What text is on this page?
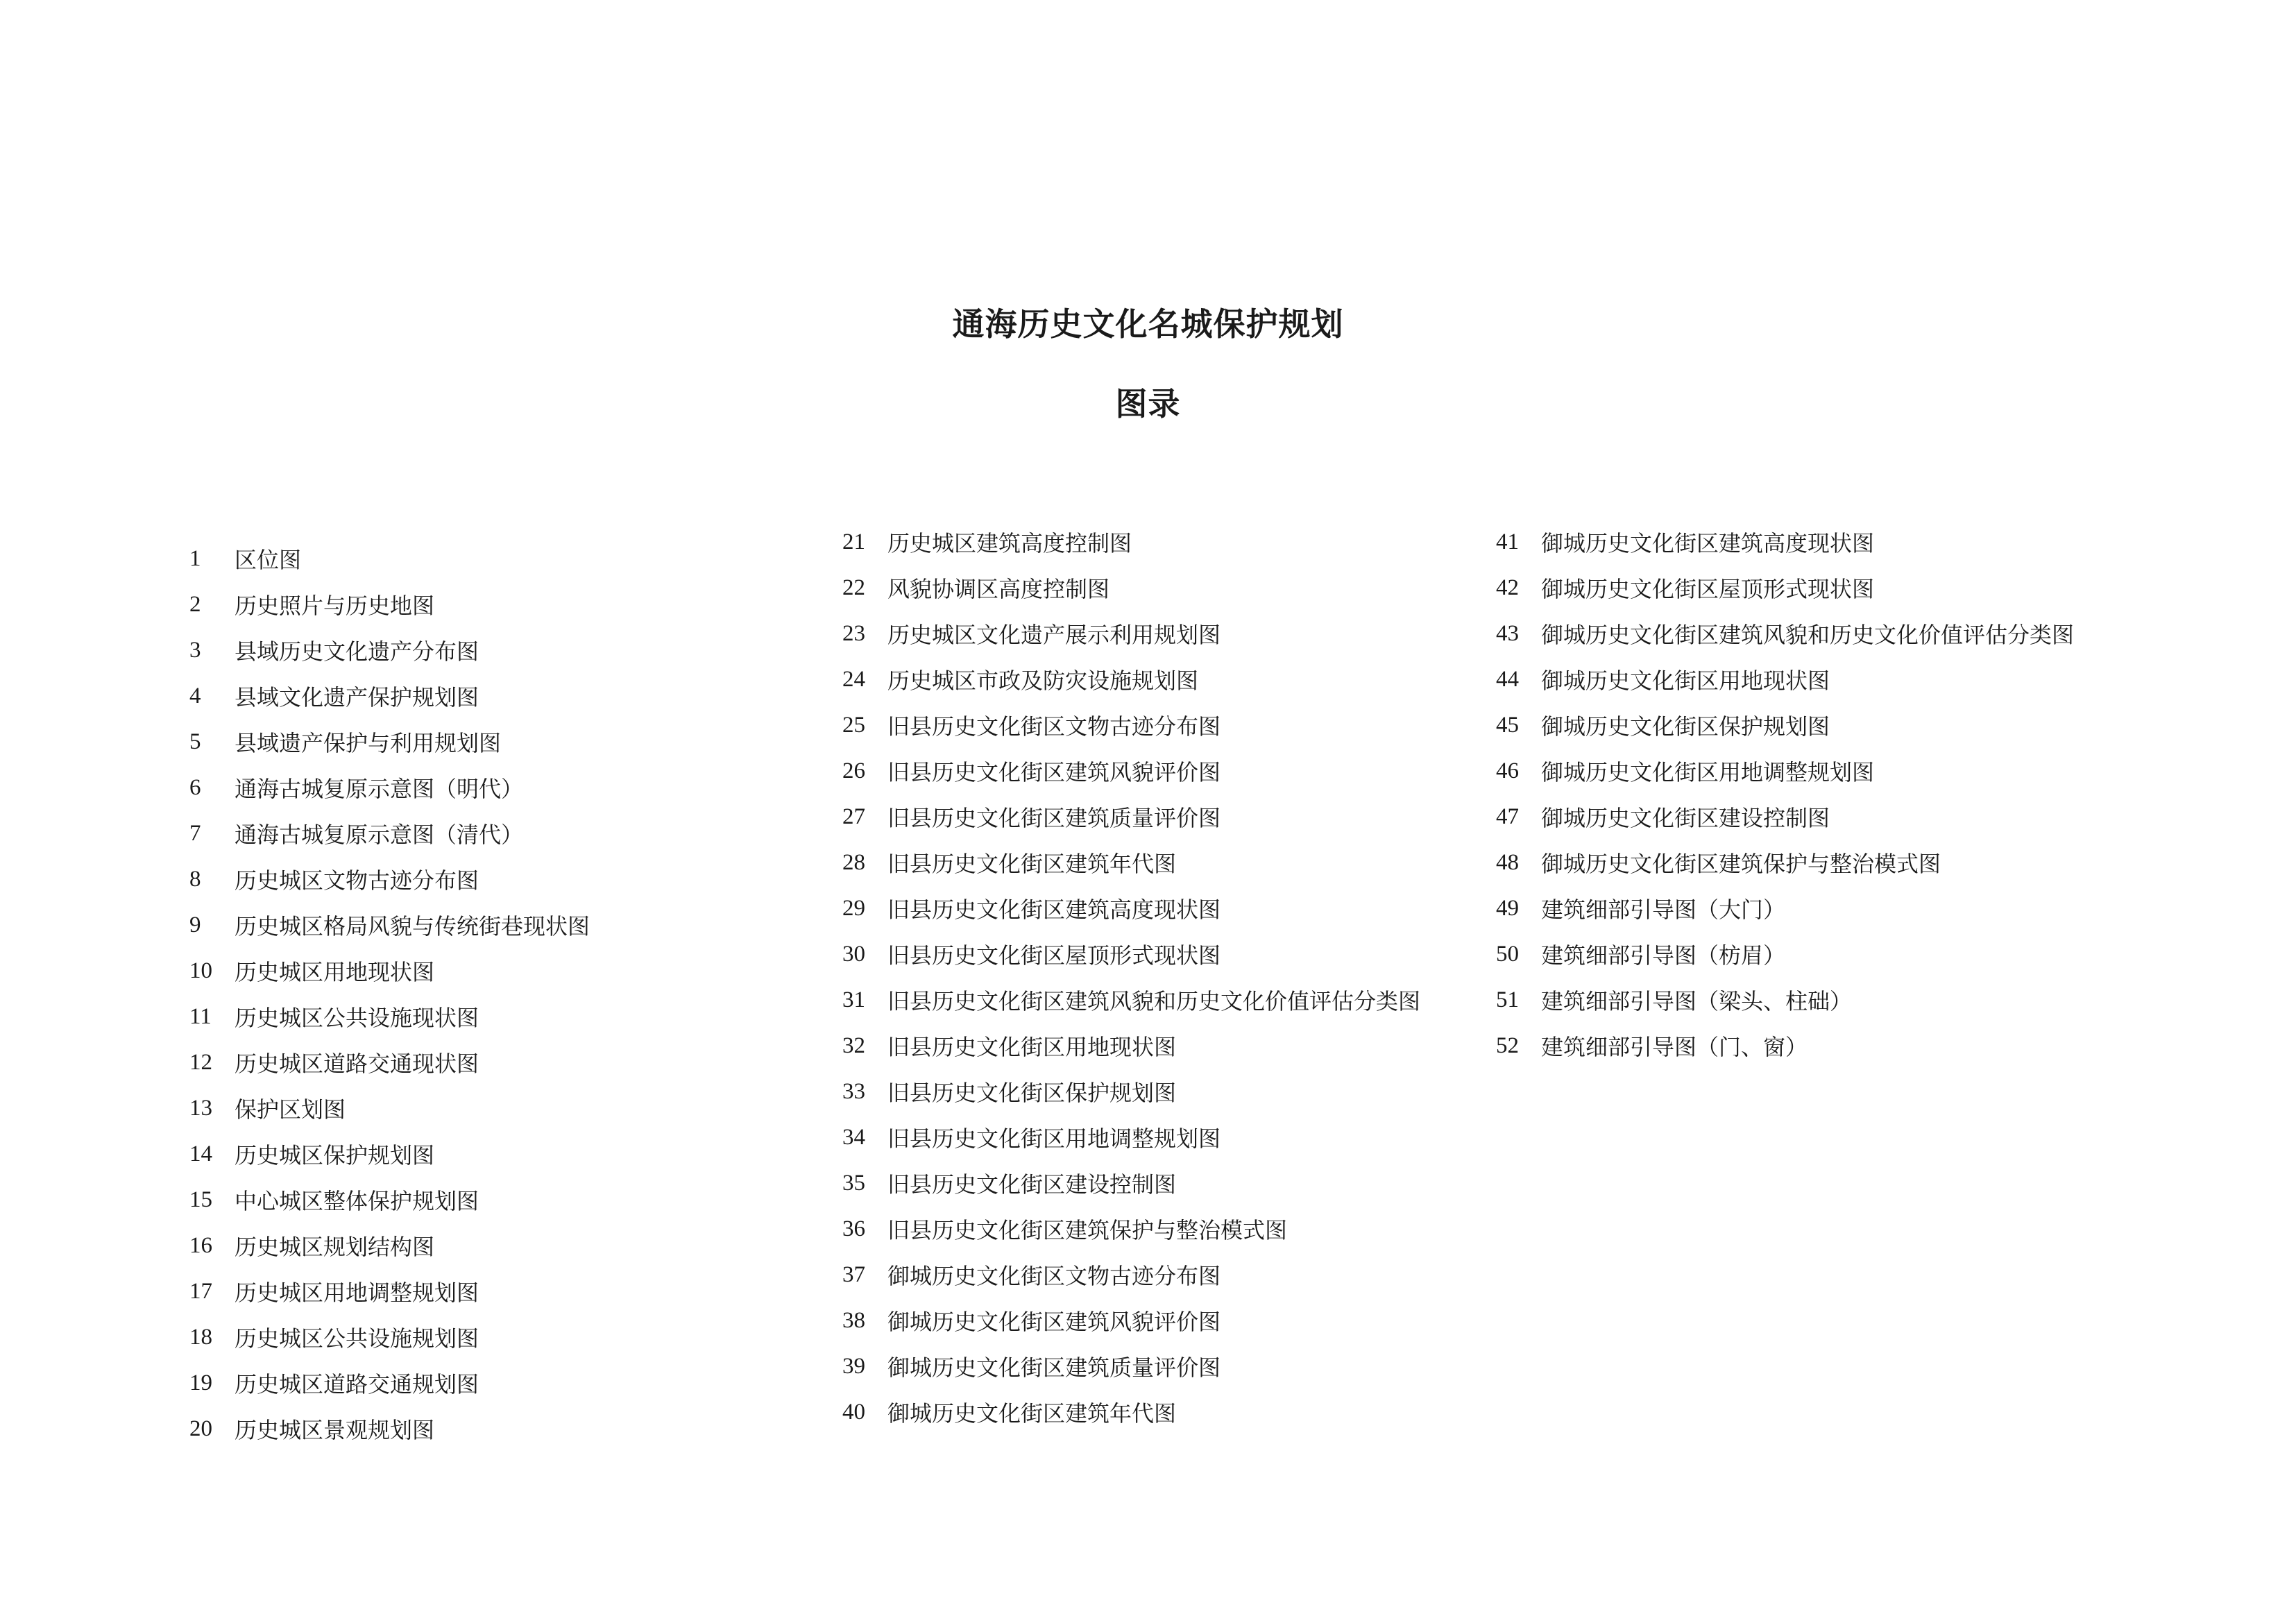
通海历史文化名城保护规划
图录
1	区位图
2	历史照片与历史地图
3	县域历史文化遗产分布图
4	县域文化遗产保护规划图
5	县域遗产保护与利用规划图
6	通海古城复原示意图（明代）
7	通海古城复原示意图（清代）
8	历史城区文物古迹分布图
9	历史城区格局风貌与传统街巷现状图
10	历史城区用地现状图
11	历史城区公共设施现状图
12	历史城区道路交通现状图
13	保护区划图
14	历史城区保护规划图
15	中心城区整体保护规划图
16	历史城区规划结构图
17	历史城区用地调整规划图
18	历史城区公共设施规划图
19	历史城区道路交通规划图
20	历史城区景观规划图
21	历史城区建筑高度控制图
22	风貌协调区高度控制图
23	历史城区文化遗产展示利用规划图
24	历史城区市政及防灾设施规划图
25	旧县历史文化街区文物古迹分布图
26	旧县历史文化街区建筑风貌评价图
27	旧县历史文化街区建筑质量评价图
28	旧县历史文化街区建筑年代图
29	旧县历史文化街区建筑高度现状图
30	旧县历史文化街区屋顶形式现状图
31	旧县历史文化街区建筑风貌和历史文化价值评估分类图
32	旧县历史文化街区用地现状图
33	旧县历史文化街区保护规划图
34	旧县历史文化街区用地调整规划图
35	旧县历史文化街区建设控制图
36	旧县历史文化街区建筑保护与整治模式图
37	御城历史文化街区文物古迹分布图
38	御城历史文化街区建筑风貌评价图
39	御城历史文化街区建筑质量评价图
40	御城历史文化街区建筑年代图
41	御城历史文化街区建筑高度现状图
42	御城历史文化街区屋顶形式现状图
43	御城历史文化街区建筑风貌和历史文化价值评估分类图
44	御城历史文化街区用地现状图
45	御城历史文化街区保护规划图
46	御城历史文化街区用地调整规划图
47	御城历史文化街区建设控制图
48	御城历史文化街区建筑保护与整治模式图
49	建筑细部引导图（大门）
50	建筑细部引导图（枋眉）
51	建筑细部引导图（梁头、柱础）
52	建筑细部引导图（门、窗）
